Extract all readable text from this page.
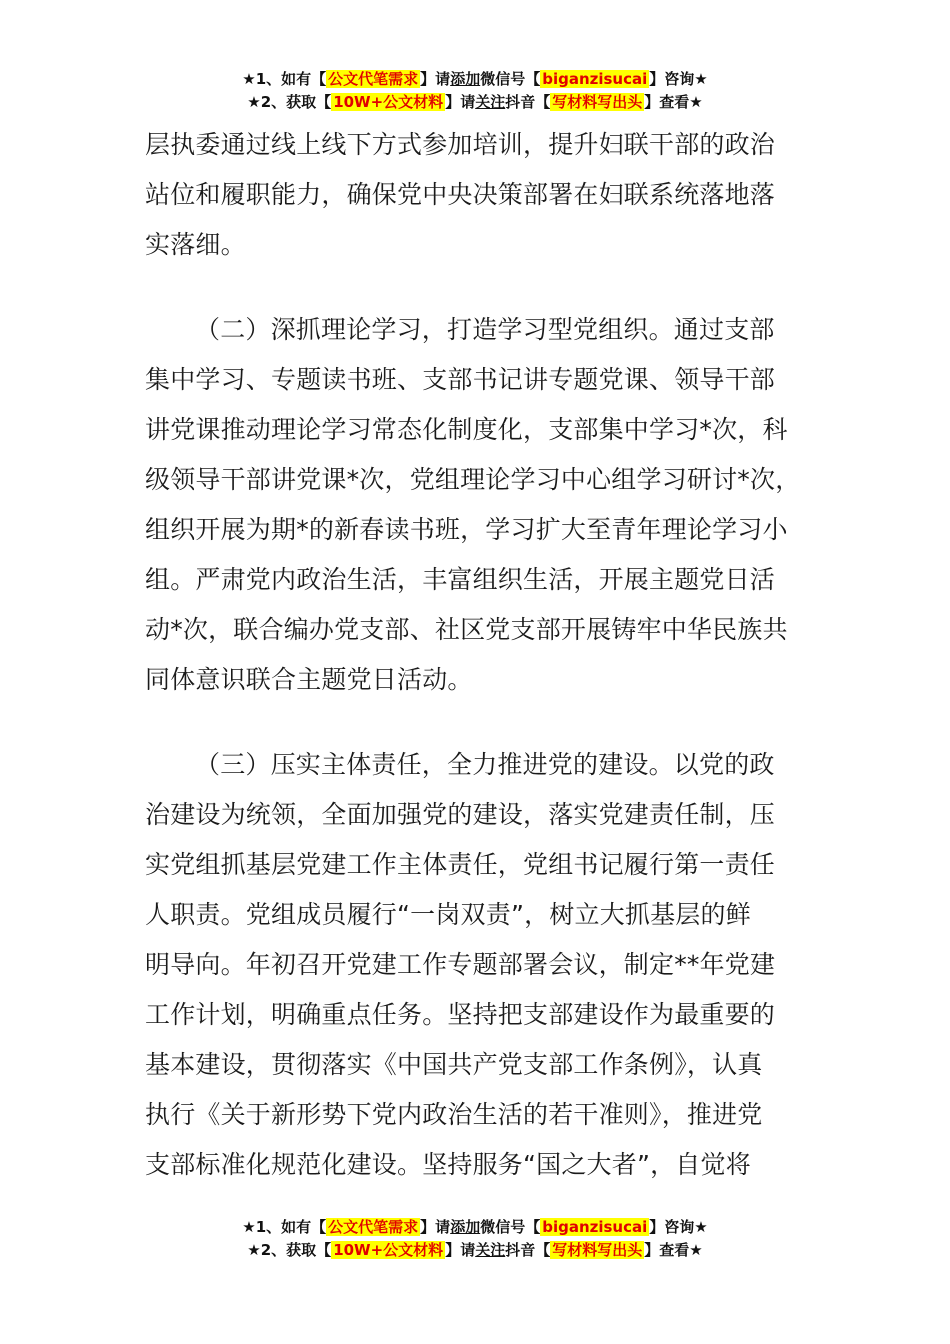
★1、如有【 公文代笔需求 】请添加微信号【 biganzisucai 】咨询★
★2、获取【 10W+公文材料 】请关注抖音【 写材料写出头 】查看★
层执委通过线上线下方式参加培训，提升妇联干部的政治
站位和履职能力，确保党中央决策部署在妇联系统落地落
实落细。
（二）深抓理论学习，打造学习型党组织。通过支部
集中学习、专题读书班、支部书记讲专题党课、领导干部
讲党课推动理论学习常态化制度化，支部集中学习*次，科
级领导干部讲党课*次，党组理论学习中心组学习研讨*次，
组织开展为期*的新春读书班，学习扩大至青年理论学习小
组。严肃党内政治生活，丰富组织生活，开展主题党日活
动*次，联合编办党支部、社区党支部开展铸牢中华民族共
同体意识联合主题党日活动。
（三）压实主体责任，全力推进党的建设。以党的政
治建设为统领，全面加强党的建设，落实党建责任制，压
实党组抓基层党建工作主体责任，党组书记履行第一责任
人职责。党组成员履行“一岗双责”，树立大抓基层的鲜
明导向。年初召开党建工作专题部署会议，制定**年党建
工作计划，明确重点任务。坚持把支部建设作为最重要的
基本建设，贯彻落实《中国共产党支部工作条例》，认真
执行《关于新形势下党内政治生活的若干准则》，推进党
支部标准化规范化建设。坚持服务“国之大者”，自觉将
★1、如有【 公文代笔需求 】请添加微信号【 biganzisucai 】咨询★
★2、获取【 10W+公文材料 】请关注抖音【 写材料写出头 】查看★
